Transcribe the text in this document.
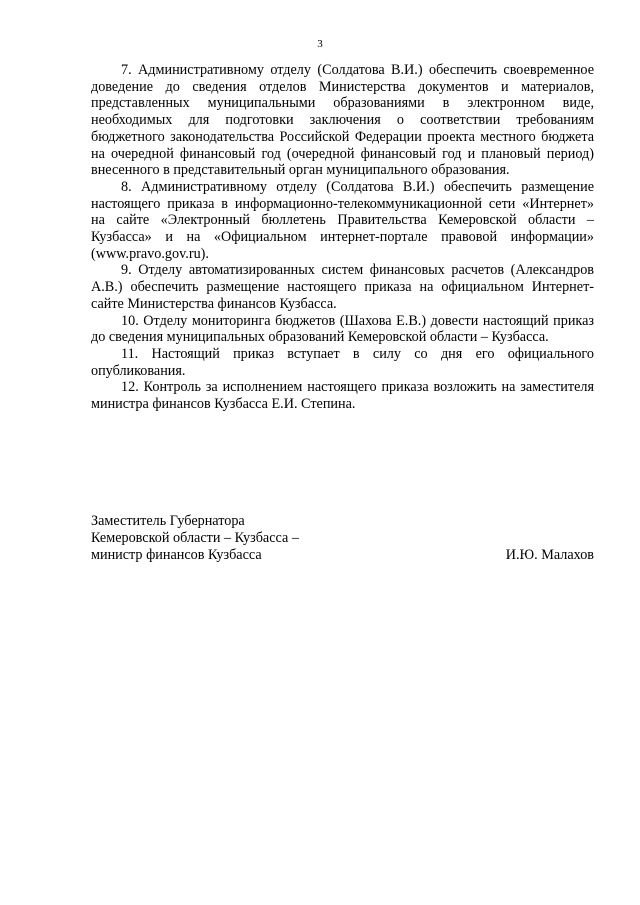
3

7. Административному отделу (Солдатова В.И.) обеспечить своевременное доведение до сведения отделов Министерства документов и материалов, представленных муниципальными образованиями в электронном виде, необходимых для подготовки заключения о соответствии требованиям бюджетного законодательства Российской Федерации проекта местного бюджета на очередной финансовый год (очередной финансовый год и плановый период) внесенного в представительный орган муниципального образования.

8. Административному отделу (Солдатова В.И.) обеспечить размещение настоящего приказа в информационно-телекоммуникационной сети «Интернет» на сайте «Электронный бюллетень Правительства Кемеровской области – Кузбасса» и на «Официальном интернет-портале правовой информации» (www.pravo.gov.ru).

9. Отделу автоматизированных систем финансовых расчетов (Александров А.В.) обеспечить размещение настоящего приказа на официальном Интернет-сайте Министерства финансов Кузбасса.

10. Отделу мониторинга бюджетов (Шахова Е.В.) довести настоящий приказ до сведения муниципальных образований Кемеровской области – Кузбасса.

11. Настоящий приказ вступает в силу со дня его официального опубликования.

12. Контроль за исполнением настоящего приказа возложить на заместителя министра финансов Кузбасса Е.И. Степина.

Заместитель Губернатора
Кемеровской области – Кузбасса –
министр финансов Кузбасса	И.Ю. Малахов
